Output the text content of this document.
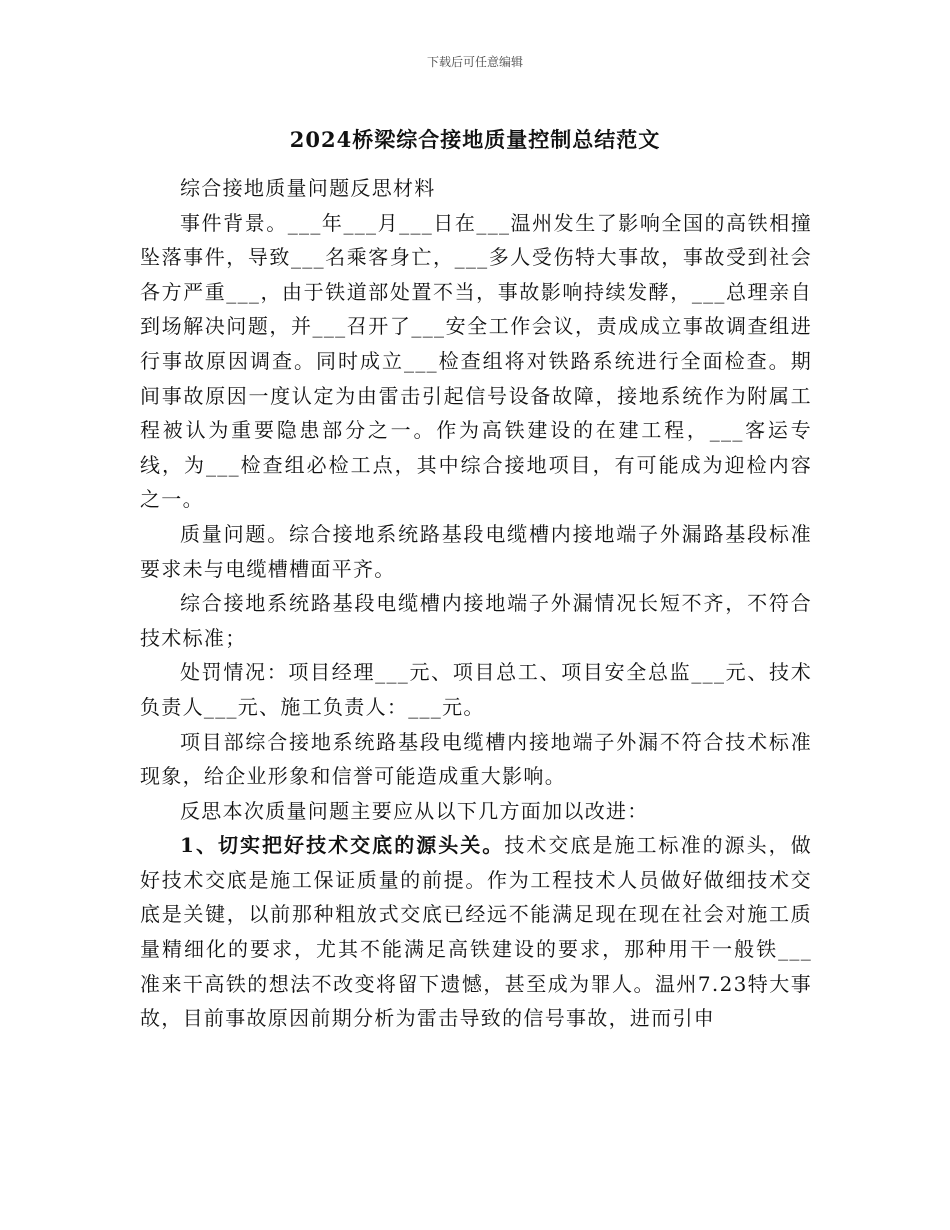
下载后可任意编辑
2024桥梁综合接地质量控制总结范文

综合接地质量问题反思材料

事件背景。___年___月___日在___温州发生了影响全国的高铁相撞坠落事件，导致___名乘客身亡，___多人受伤特大事故，事故受到社会各方严重___，由于铁道部处置不当，事故影响持续发酵，___总理亲自到场解决问题，并___召开了___安全工作会议，责成成立事故调查组进行事故原因调查。同时成立___检查组将对铁路系统进行全面检查。期间事故原因一度认定为由雷击引起信号设备故障，接地系统作为附属工程被认为重要隐患部分之一。作为高铁建设的在建工程，___客运专线，为___检查组必检工点，其中综合接地项目，有可能成为迎检内容之一。

质量问题。综合接地系统路基段电缆槽内接地端子外漏路基段标准要求未与电缆槽槽面平齐。

综合接地系统路基段电缆槽内接地端子外漏情况长短不齐，不符合技术标准；

处罚情况：项目经理___元、项目总工、项目安全总监___元、技术负责人___元、施工负责人：___元。

项目部综合接地系统路基段电缆槽内接地端子外漏不符合技术标准现象，给企业形象和信誉可能造成重大影响。

反思本次质量问题主要应从以下几方面加以改进：

1、切实把好技术交底的源头关。技术交底是施工标准的源头，做好技术交底是施工保证质量的前提。作为工程技术人员做好做细技术交底是关键，以前那种粗放式交底已经远不能满足现在现在社会对施工质量精细化的要求，尤其不能满足高铁建设的要求，那种用干一般铁___准来干高铁的想法不改变将留下遗憾，甚至成为罪人。温州7.23特大事故，目前事故原因前期分析为雷击导致的信号事故，进而引申
